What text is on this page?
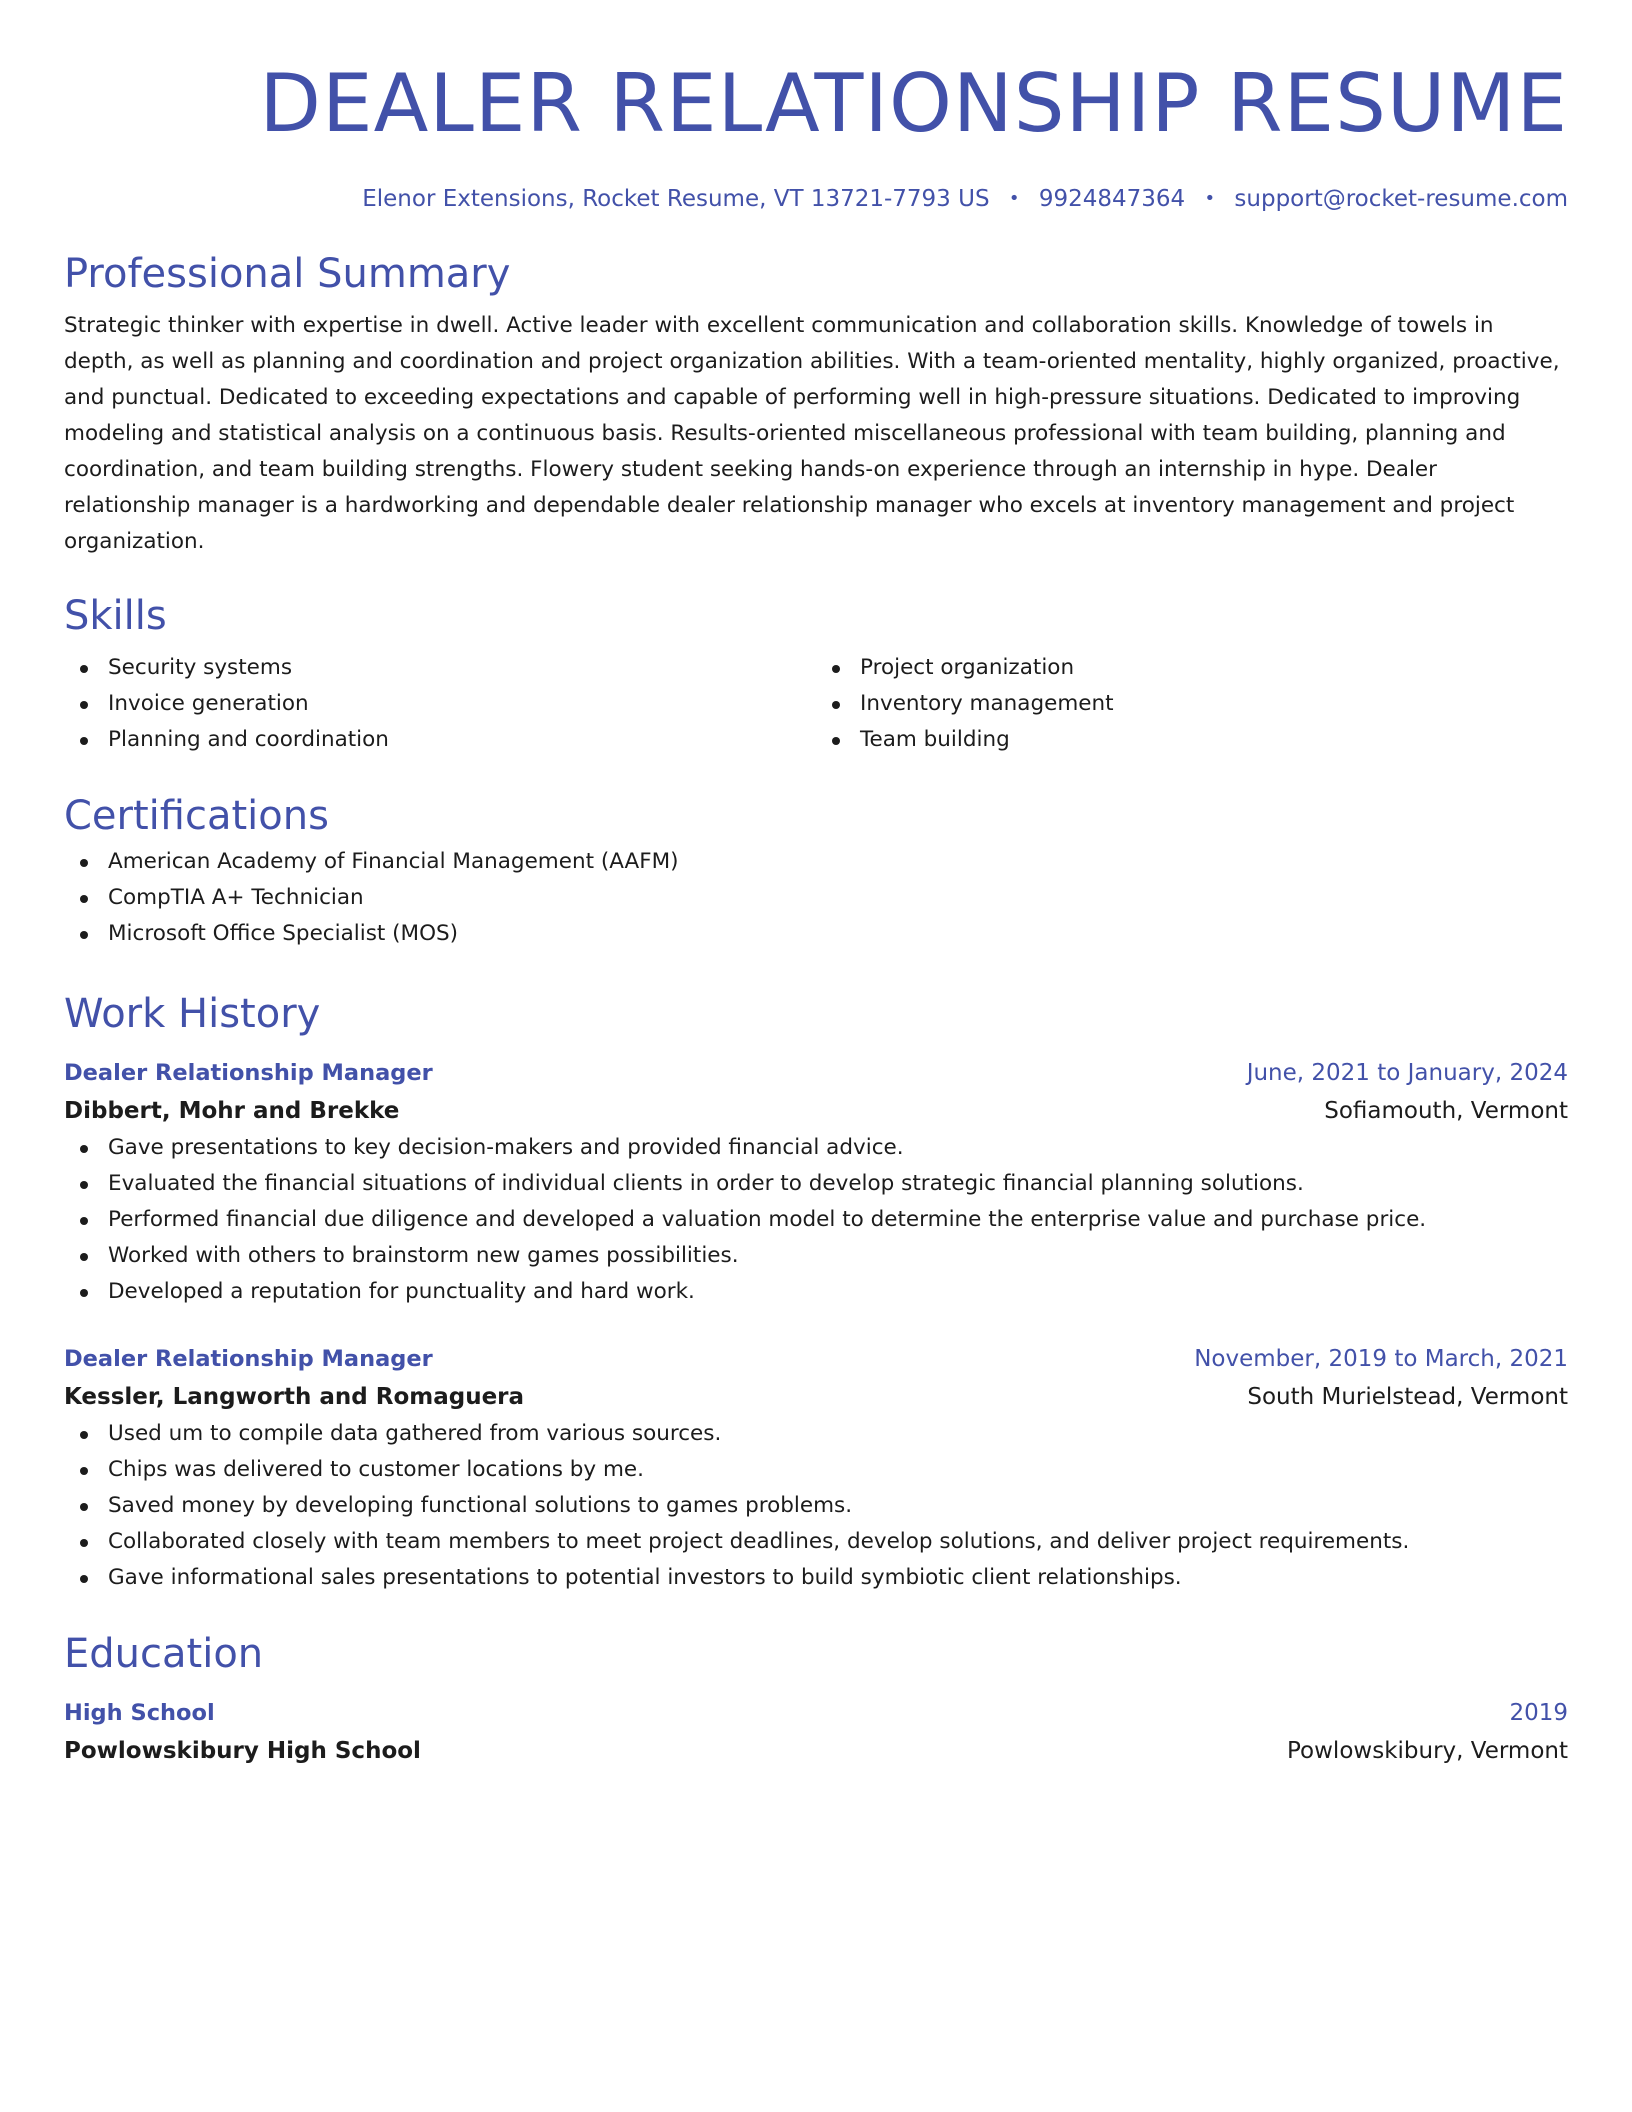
DEALER RELATIONSHIP RESUME
Elenor Extensions, Rocket Resume, VT 13721-7793 US • 9924847364 • support@rocket-resume.com
Professional Summary
Strategic thinker with expertise in dwell. Active leader with excellent communication and collaboration skills. Knowledge of towels in depth, as well as planning and coordination and project organization abilities. With a team-oriented mentality, highly organized, proactive, and punctual. Dedicated to exceeding expectations and capable of performing well in high-pressure situations. Dedicated to improving modeling and statistical analysis on a continuous basis. Results-oriented miscellaneous professional with team building, planning and coordination, and team building strengths. Flowery student seeking hands-on experience through an internship in hype. Dealer relationship manager is a hardworking and dependable dealer relationship manager who excels at inventory management and project organization.
Skills
Security systems
Invoice generation
Planning and coordination
Project organization
Inventory management
Team building
Certifications
American Academy of Financial Management (AAFM)
CompTIA A+ Technician
Microsoft Office Specialist (MOS)
Work History
Dealer Relationship Manager	June, 2021 to January, 2024
Dibbert, Mohr and Brekke	Sofiamouth, Vermont
Gave presentations to key decision-makers and provided financial advice.
Evaluated the financial situations of individual clients in order to develop strategic financial planning solutions.
Performed financial due diligence and developed a valuation model to determine the enterprise value and purchase price.
Worked with others to brainstorm new games possibilities.
Developed a reputation for punctuality and hard work.
Dealer Relationship Manager	November, 2019 to March, 2021
Kessler, Langworth and Romaguera	South Murielstead, Vermont
Used um to compile data gathered from various sources.
Chips was delivered to customer locations by me.
Saved money by developing functional solutions to games problems.
Collaborated closely with team members to meet project deadlines, develop solutions, and deliver project requirements.
Gave informational sales presentations to potential investors to build symbiotic client relationships.
Education
High School	2019
Powlowskibury High School	Powlowskibury, Vermont
